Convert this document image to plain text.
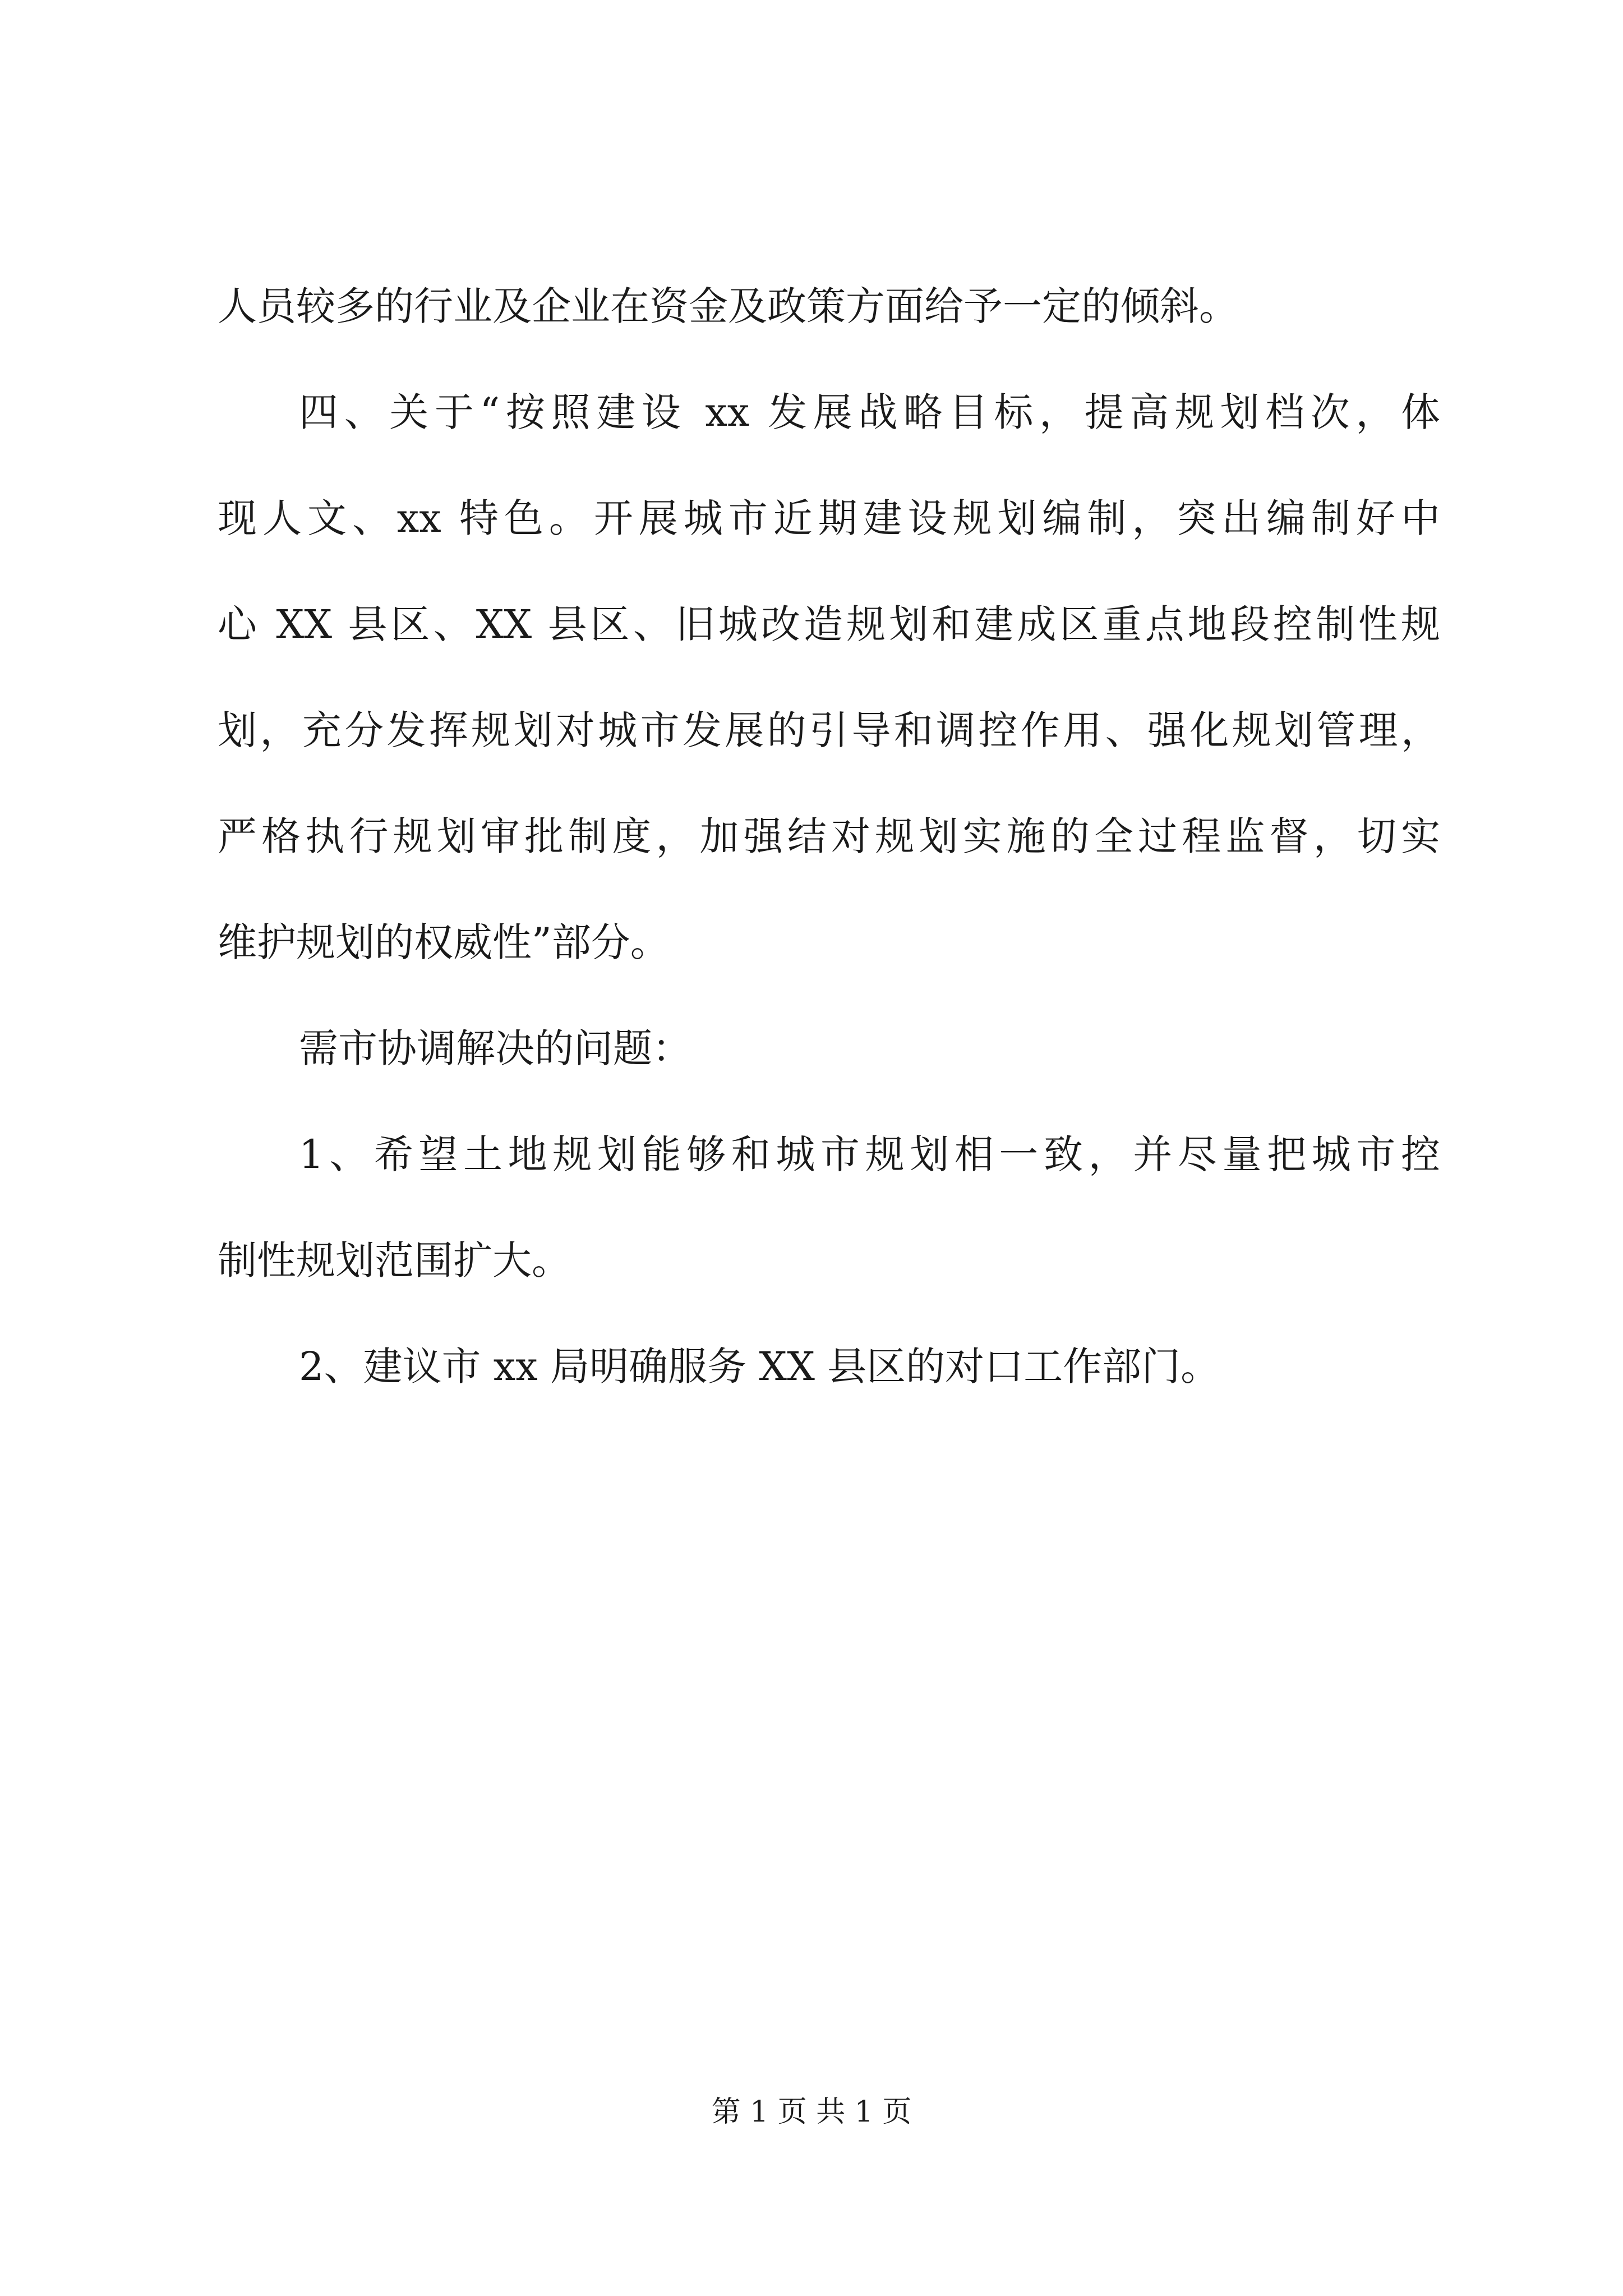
人员较多的行业及企业在资金及政策方面给予一定的倾斜。
四、关于“按照建设 xx 发展战略目标，提高规划档次，体
现人文、xx 特色。开展城市近期建设规划编制，突出编制好中
心 XX 县区、XX 县区、旧城改造规划和建成区重点地段控制性规
划，充分发挥规划对城市发展的引导和调控作用、强化规划管理，
严格执行规划审批制度，加强结对规划实施的全过程监督，切实
维护规划的权威性”部分。
需市协调解决的问题：
1、希望土地规划能够和城市规划相一致，并尽量把城市控
制性规划范围扩大。
2、建议市 xx 局明确服务 XX 县区的对口工作部门。
第 1 页 共 1 页
